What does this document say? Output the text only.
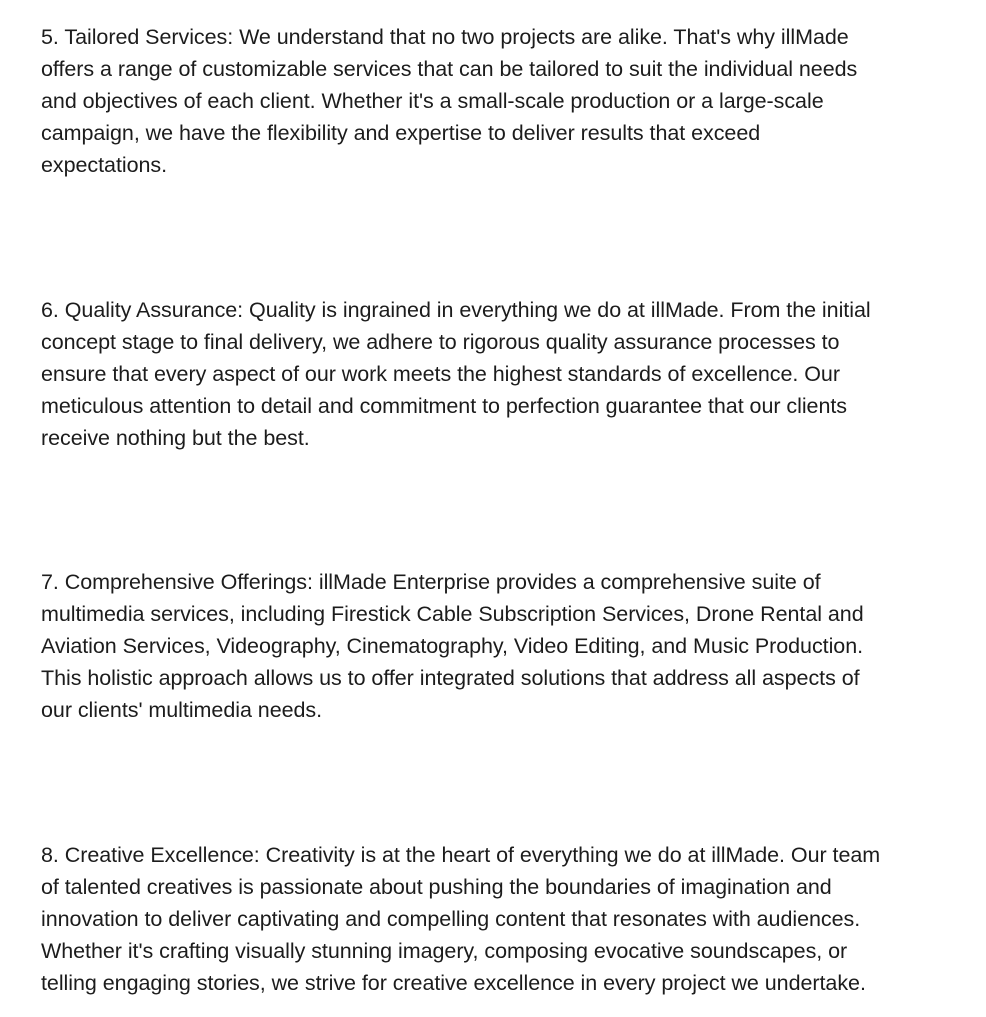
5. Tailored Services: We understand that no two projects are alike. That's why illMade
offers a range of customizable services that can be tailored to suit the individual needs
and objectives of each client. Whether it's a small-scale production or a large-scale
campaign, we have the flexibility and expertise to deliver results that exceed
expectations.

6. Quality Assurance: Quality is ingrained in everything we do at illMade. From the initial
concept stage to final delivery, we adhere to rigorous quality assurance processes to
ensure that every aspect of our work meets the highest standards of excellence. Our
meticulous attention to detail and commitment to perfection guarantee that our clients
receive nothing but the best.

7. Comprehensive Offerings: illMade Enterprise provides a comprehensive suite of
multimedia services, including Firestick Cable Subscription Services, Drone Rental and
Aviation Services, Videography, Cinematography, Video Editing, and Music Production.
This holistic approach allows us to offer integrated solutions that address all aspects of
our clients' multimedia needs.

8. Creative Excellence: Creativity is at the heart of everything we do at illMade. Our team
of talented creatives is passionate about pushing the boundaries of imagination and
innovation to deliver captivating and compelling content that resonates with audiences.
Whether it's crafting visually stunning imagery, composing evocative soundscapes, or
telling engaging stories, we strive for creative excellence in every project we undertake.
